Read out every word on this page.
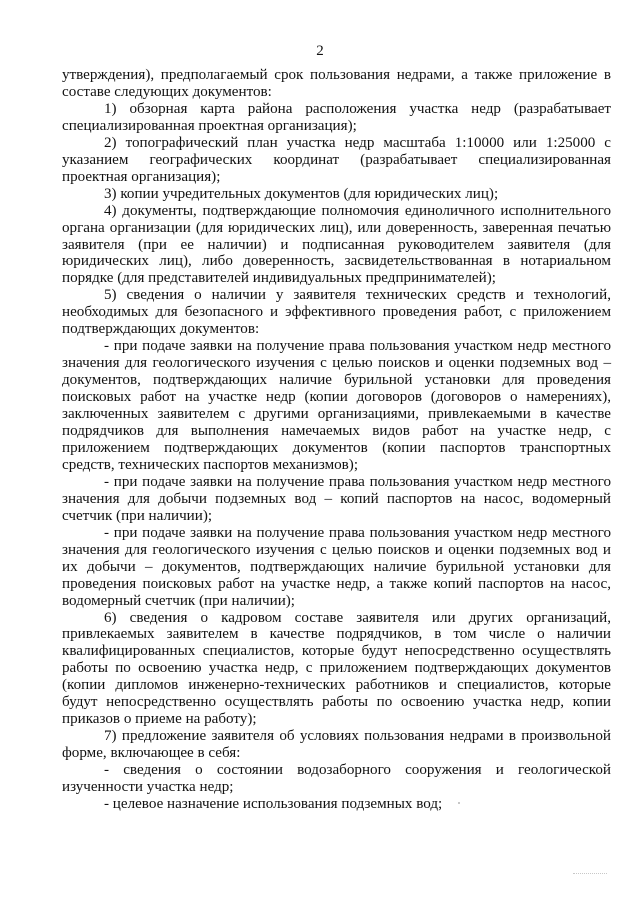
2

утверждения), предполагаемый срок пользования недрами, а также приложение в составе следующих документов:

1) обзорная карта района расположения участка недр (разрабатывает специализированная проектная организация);

2) топографический план участка недр масштаба 1:10000 или 1:25000 с указанием географических координат (разрабатывает специализированная проектная организация);

3) копии учредительных документов (для юридических лиц);

4) документы, подтверждающие полномочия единоличного исполнительного органа организации (для юридических лиц), или доверенность, заверенная печатью заявителя (при ее наличии) и подписанная руководителем заявителя (для юридических лиц), либо доверенность, засвидетельствованная в нотариальном порядке (для представителей индивидуальных предпринимателей);

5) сведения о наличии у заявителя технических средств и технологий, необходимых для безопасного и эффективного проведения работ, с приложением подтверждающих документов:

- при подаче заявки на получение права пользования участком недр местного значения для геологического изучения с целью поисков и оценки подземных вод – документов, подтверждающих наличие бурильной установки для проведения поисковых работ на участке недр (копии договоров (договоров о намерениях), заключенных заявителем с другими организациями, привлекаемыми в качестве подрядчиков для выполнения намечаемых видов работ на участке недр, с приложением подтверждающих документов (копии паспортов транспортных средств, технических паспортов механизмов);

- при подаче заявки на получение права пользования участком недр местного значения для добычи подземных вод – копий паспортов на насос, водомерный счетчик (при наличии);

- при подаче заявки на получение права пользования участком недр местного значения для геологического изучения с целью поисков и оценки подземных вод и их добычи – документов, подтверждающих наличие бурильной установки для проведения поисковых работ на участке недр, а также копий паспортов на насос, водомерный счетчик (при наличии);

6) сведения о кадровом составе заявителя или других организаций, привлекаемых заявителем в качестве подрядчиков, в том числе о наличии квалифицированных специалистов, которые будут непосредственно осуществлять работы по освоению участка недр, с приложением подтверждающих документов (копии дипломов инженерно-технических работников и специалистов, которые будут непосредственно осуществлять работы по освоению участка недр, копии приказов о приеме на работу);

7) предложение заявителя об условиях пользования недрами в произвольной форме, включающее в себя:

- сведения о состоянии водозаборного сооружения и геологической изученности участка недр;

- целевое назначение использования подземных вод;
